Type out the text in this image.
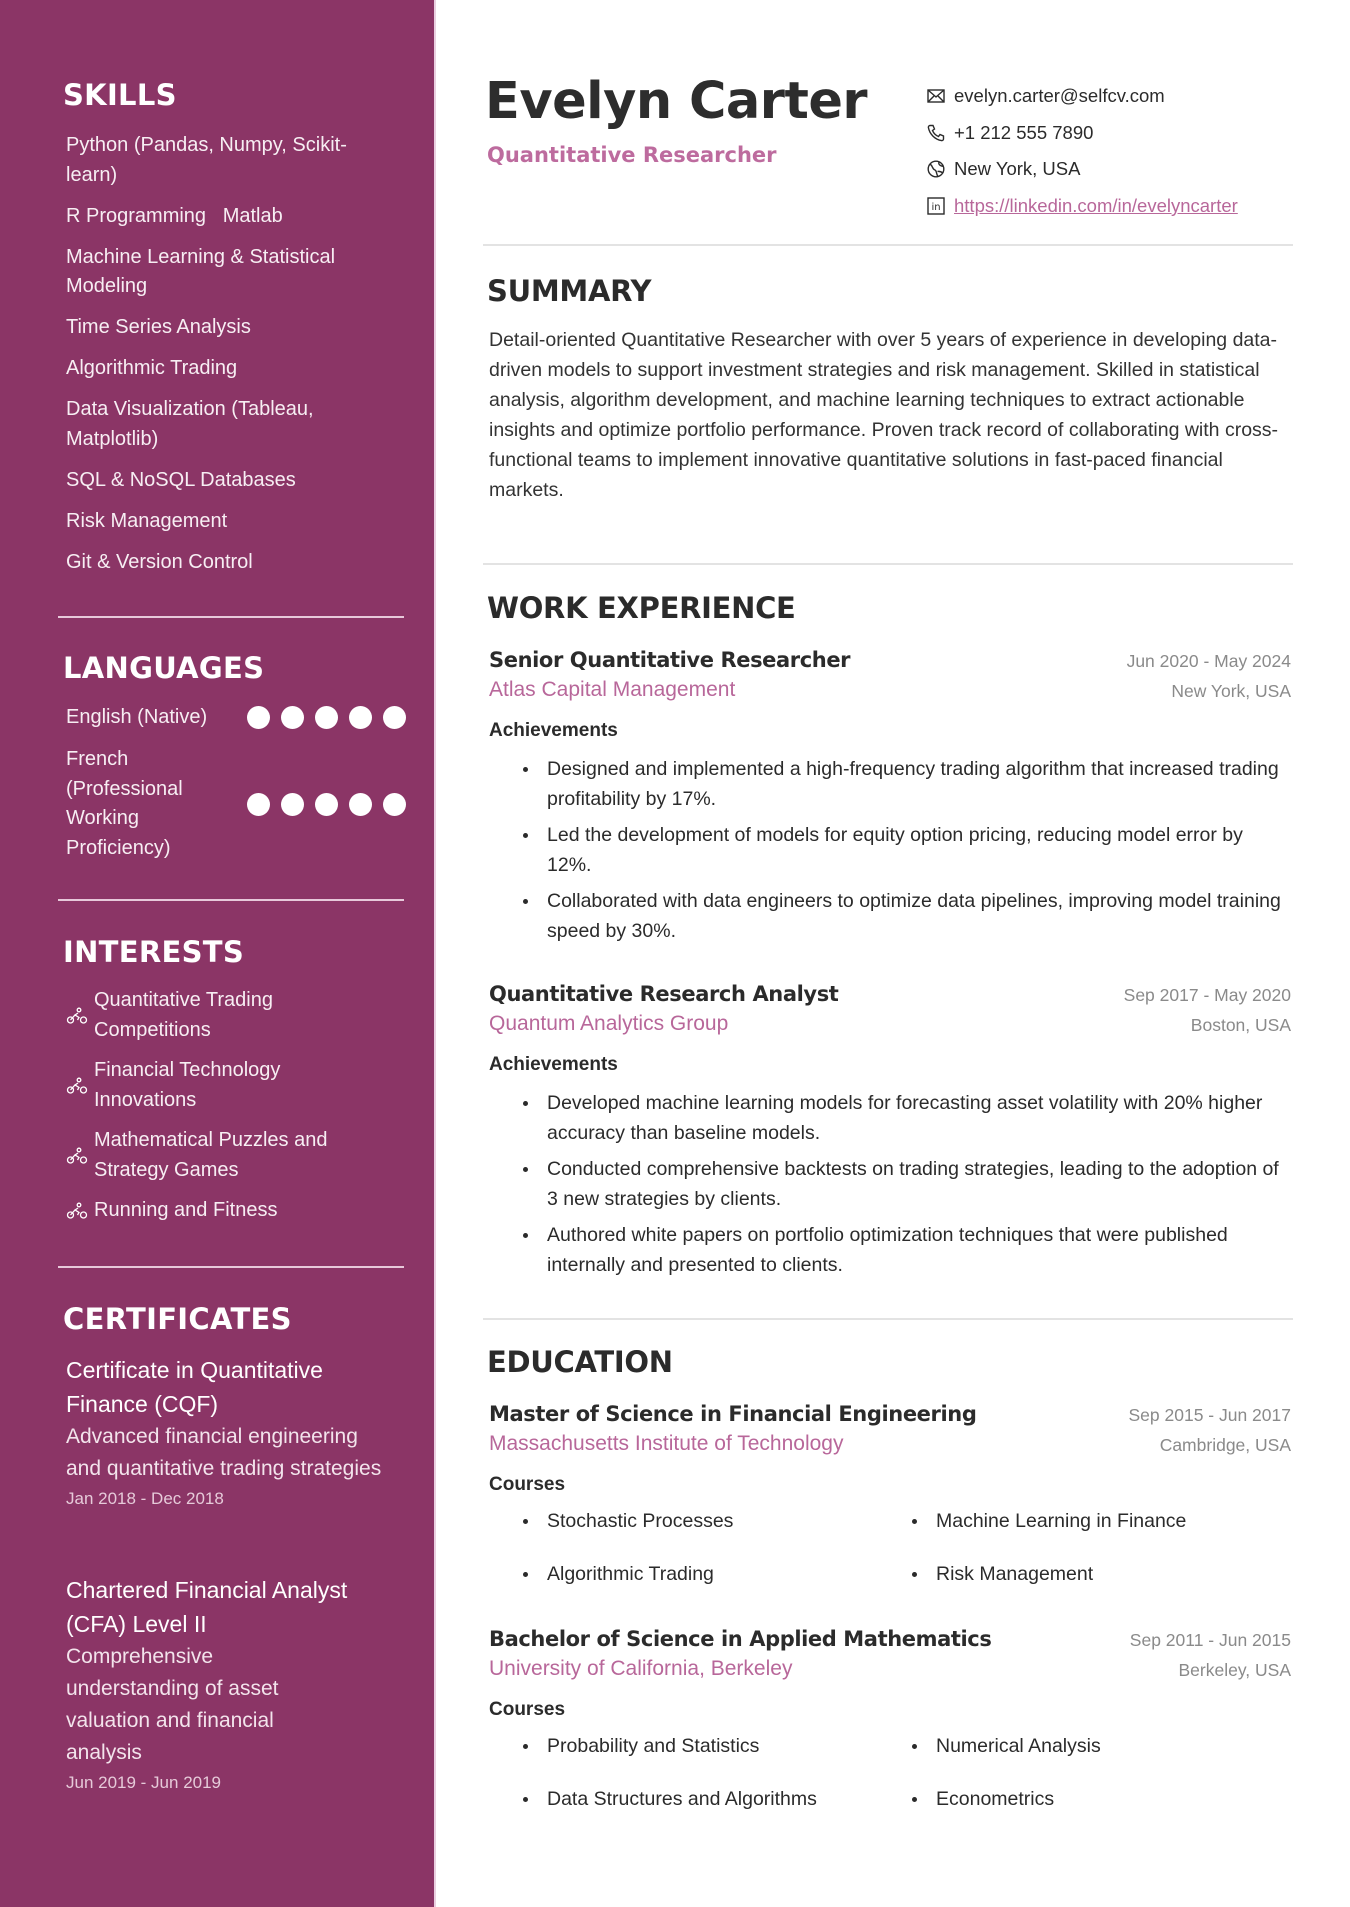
SKILLS
Python (Pandas, Numpy, Scikit-learn)
R Programming   Matlab
Machine Learning & Statistical Modeling
Time Series Analysis
Algorithmic Trading
Data Visualization (Tableau, Matplotlib)
SQL & NoSQL Databases
Risk Management
Git & Version Control
LANGUAGES
English (Native)
French (Professional Working Proficiency)
INTERESTS
Quantitative Trading Competitions
Financial Technology Innovations
Mathematical Puzzles and Strategy Games
Running and Fitness
CERTIFICATES
Certificate in Quantitative Finance (CQF)
Advanced financial engineering and quantitative trading strategies
Jan 2018 - Dec 2018
Chartered Financial Analyst (CFA) Level II
Comprehensive understanding of asset valuation and financial analysis
Jun 2019 - Jun 2019
Evelyn Carter
Quantitative Researcher
evelyn.carter@selfcv.com
+1 212 555 7890
New York, USA
in https://linkedin.com/in/evelyncarter
SUMMARY

Detail-oriented Quantitative Researcher with over 5 years of experience in developing data-driven models to support investment strategies and risk management. Skilled in statistical analysis, algorithm development, and machine learning techniques to extract actionable insights and optimize portfolio performance. Proven track record of collaborating with cross-functional teams to implement innovative quantitative solutions in fast-paced financial markets.

WORK EXPERIENCE
Senior Quantitative Researcher	Jun 2020 - May 2024
Atlas Capital Management	New York, USA
Achievements
Designed and implemented a high-frequency trading algorithm that increased trading profitability by 17%.
Led the development of models for equity option pricing, reducing model error by 12%.
Collaborated with data engineers to optimize data pipelines, improving model training speed by 30%.
Quantitative Research Analyst	Sep 2017 - May 2020
Quantum Analytics Group	Boston, USA
Achievements
Developed machine learning models for forecasting asset volatility with 20% higher accuracy than baseline models.
Conducted comprehensive backtests on trading strategies, leading to the adoption of 3 new strategies by clients.
Authored white papers on portfolio optimization techniques that were published internally and presented to clients.
EDUCATION
Master of Science in Financial Engineering	Sep 2015 - Jun 2017
Massachusetts Institute of Technology	Cambridge, USA
Courses
Stochastic Processes	Machine Learning in Finance
Algorithmic Trading	Risk Management
Bachelor of Science in Applied Mathematics	Sep 2011 - Jun 2015
University of California, Berkeley	Berkeley, USA
Courses
Probability and Statistics	Numerical Analysis
Data Structures and Algorithms	Econometrics
